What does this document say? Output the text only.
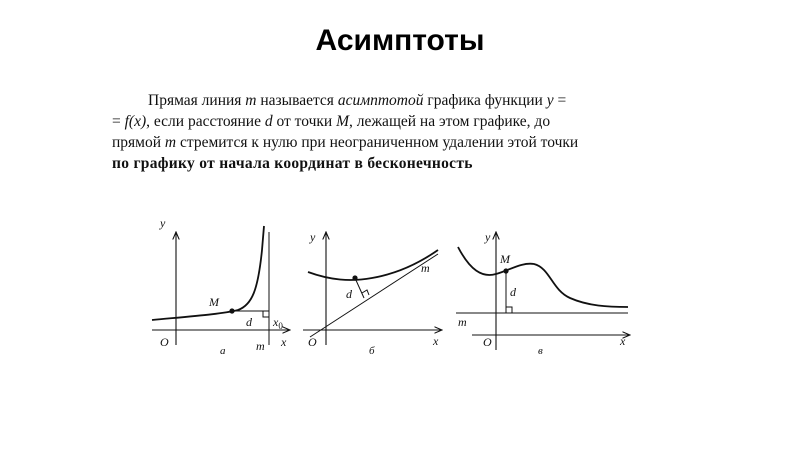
Асимптоты
Прямая линия m называется асимптотой графика функции y =
= f(x), если расстояние d от точки M, лежащей на этом графике, до
прямой m стремится к нулю при неограниченном удалении этой точки
по графику от начала координат в бесконечность
y
x
O
M
d
m
$x_0$
а
y
x
O
d
m
б
y
x
O
M
d
m
в
